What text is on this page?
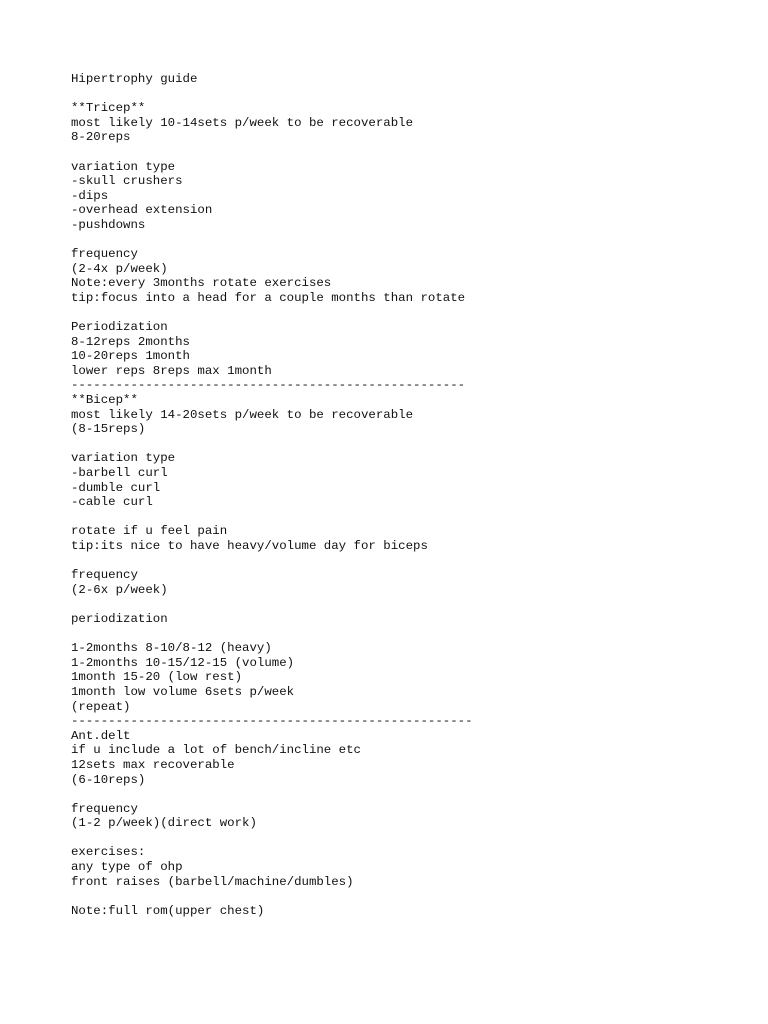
Hipertrophy guide

**Tricep**
most likely 10-14sets p/week to be recoverable
8-20reps

variation type
-skull crushers
-dips
-overhead extension
-pushdowns

frequency
(2-4x p/week)
Note:every 3months rotate exercises
tip:focus into a head for a couple months than rotate

Periodization
8-12reps 2months
10-20reps 1month
lower reps 8reps max 1month
-----------------------------------------------------
**Bicep**
most likely 14-20sets p/week to be recoverable
(8-15reps)

variation type
-barbell curl
-dumble curl
-cable curl

rotate if u feel pain
tip:its nice to have heavy/volume day for biceps

frequency
(2-6x p/week)

periodization

1-2months 8-10/8-12 (heavy)
1-2months 10-15/12-15 (volume)
1month 15-20 (low rest)
1month low volume 6sets p/week
(repeat)
------------------------------------------------------
Ant.delt
if u include a lot of bench/incline etc
12sets max recoverable
(6-10reps)

frequency
(1-2 p/week)(direct work)

exercises:
any type of ohp
front raises (barbell/machine/dumbles)

Note:full rom(upper chest)
